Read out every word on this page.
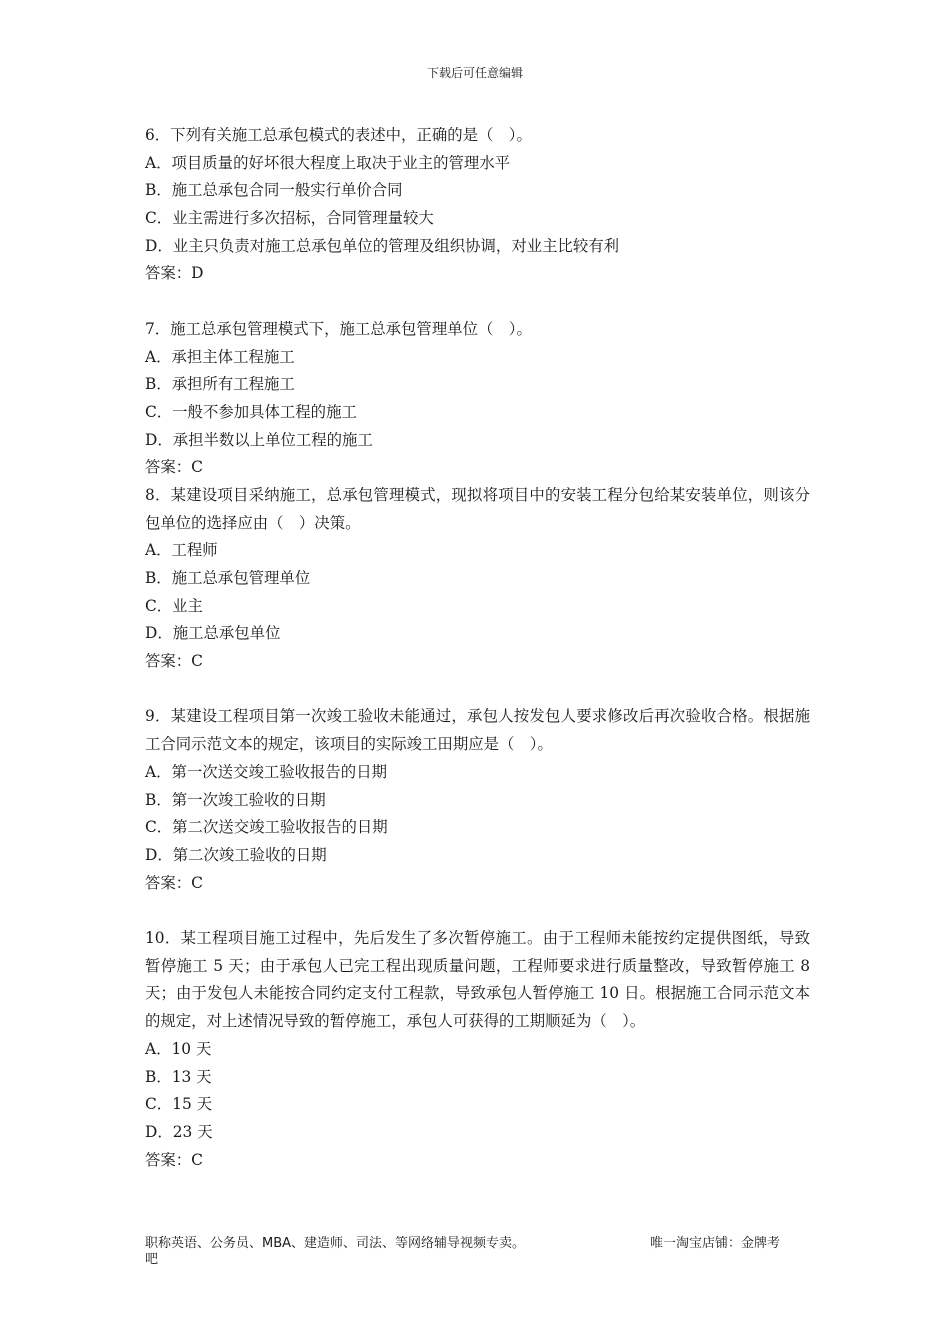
下载后可任意编辑
6．下列有关施工总承包模式的表述中，正确的是（　）。
A．项目质量的好坏很大程度上取决于业主的管理水平
B．施工总承包合同一般实行单价合同
C．业主需进行多次招标，合同管理量较大
D．业主只负责对施工总承包单位的管理及组织协调，对业主比较有利
答案：D
7．施工总承包管理模式下，施工总承包管理单位（　）。
A．承担主体工程施工
B．承担所有工程施工
C．一般不参加具体工程的施工
D．承担半数以上单位工程的施工
答案：C
8．某建设项目采纳施工，总承包管理模式，现拟将项目中的安装工程分包给某安装单位，则该分包单位的选择应由（　）决策。
A．工程师
B．施工总承包管理单位
C．业主
D．施工总承包单位
答案：C
9．某建设工程项目第一次竣工验收未能通过，承包人按发包人要求修改后再次验收合格。根据施工合同示范文本的规定，该项目的实际竣工田期应是（　）。
A．第一次送交竣工验收报告的日期
B．第一次竣工验收的日期
C．第二次送交竣工验收报告的日期
D．第二次竣工验收的日期
答案：C
10．某工程项目施工过程中，先后发生了多次暂停施工。由于工程师未能按约定提供图纸，导致暂停施工 5 天；由于承包人已完工程出现质量问题，工程师要求进行质量整改，导致暂停施工 8 天；由于发包人未能按合同约定支付工程款，导致承包人暂停施工 10 日。根据施工合同示范文本的规定，对上述情况导致的暂停施工，承包人可获得的工期顺延为（　）。
A．10 天
B．13 天
C．15 天
D．23 天
答案：C
职称英语、公务员、MBA、建造师、司法、等网络辅导视频专卖。	唯一淘宝店铺：金牌考
吧
